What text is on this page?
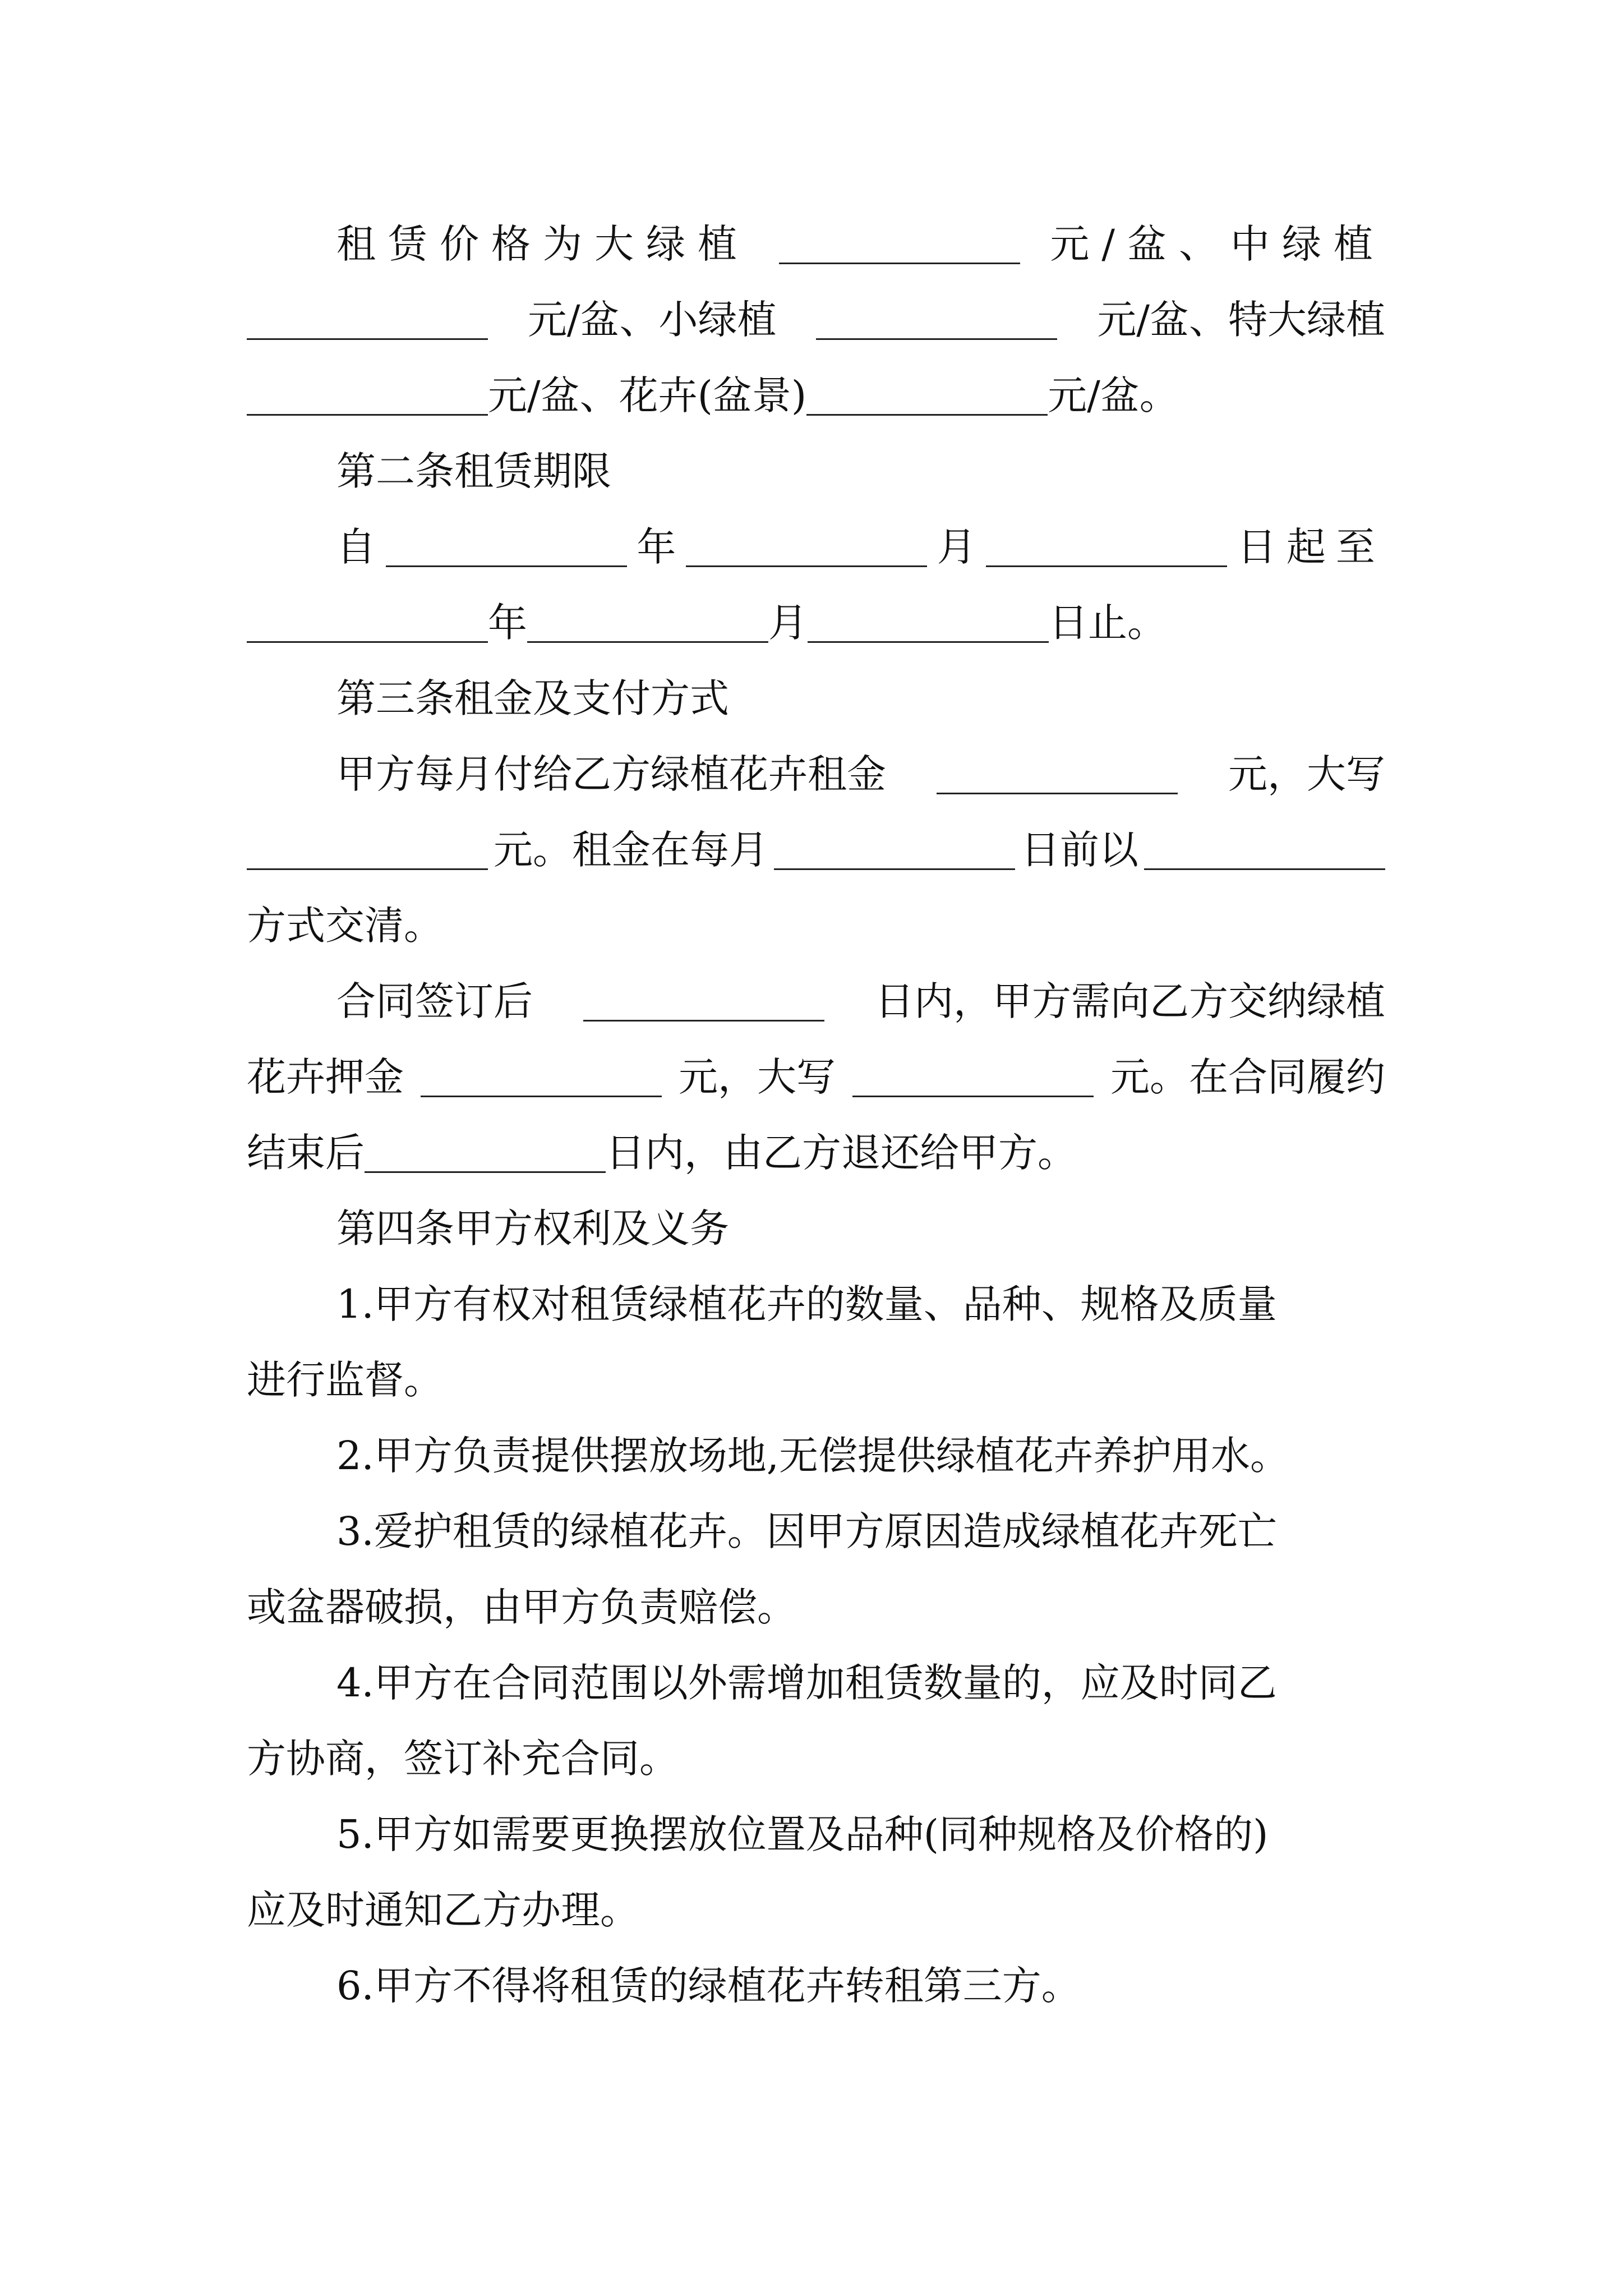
租赁价格为大绿植	元/盆、中绿植
元/盆、小绿植	元/盆、特大绿植
元/盆、花卉(盆景)	元/盆。
第二条租赁期限
自	年	月	日起至
年	月	日止。
第三条租金及支付方式
甲方每月付给乙方绿植花卉租金	元，大写
元。租金在每月	日前以
方式交清。
合同签订后	日内，甲方需向乙方交纳绿植
花卉押金	元，大写	元。在合同履约
结束后	日内，由乙方退还给甲方。
第四条甲方权利及义务
1.甲方有权对租赁绿植花卉的数量、品种、规格及质量
进行监督。
2.甲方负责提供摆放场地,无偿提供绿植花卉养护用水。
3.爱护租赁的绿植花卉。因甲方原因造成绿植花卉死亡
或盆器破损，由甲方负责赔偿。
4.甲方在合同范围以外需增加租赁数量的，应及时同乙
方协商，签订补充合同。
5.甲方如需要更换摆放位置及品种(同种规格及价格的)
应及时通知乙方办理。
6.甲方不得将租赁的绿植花卉转租第三方。
